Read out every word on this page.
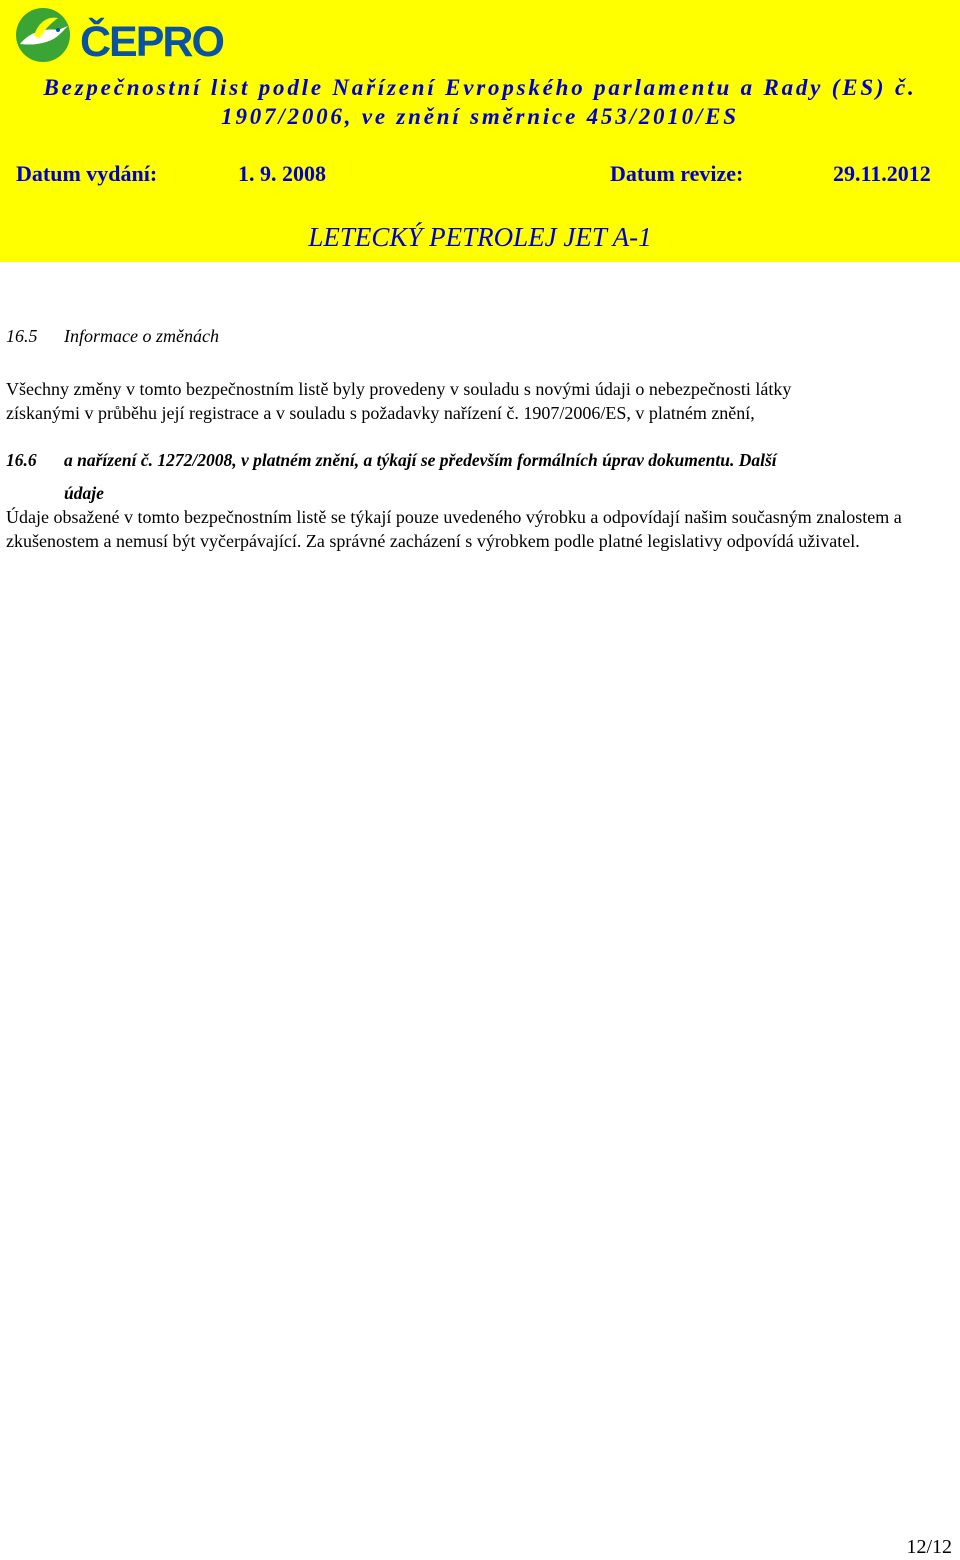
ČEPRO
Bezpečnostní list podle Nařízení Evropského parlamentu a Rady (ES) č.
1907/2006, ve znění směrnice 453/2010/ES
Datum vydání:	1. 9. 2008	Datum revize:	29.11.2012
LETECKÝ PETROLEJ JET A-1
16.5 Informace o změnách
Všechny změny v tomto bezpečnostním listě byly provedeny v souladu s novými údaji o nebezpečnosti látky
získanými v průběhu její registrace a v souladu s požadavky nařízení č. 1907/2006/ES, v platném znění,
16.6 a nařízení č. 1272/2008, v platném znění, a týkají se především formálních úprav dokumentu. Další
údaje

Údaje obsažené v tomto bezpečnostním listě se týkají pouze uvedeného výrobku a odpovídají našim současným znalostem a zkušenostem a nemusí být vyčerpávající. Za správné zacházení s výrobkem podle platné legislativy odpovídá uživatel.

12/12
